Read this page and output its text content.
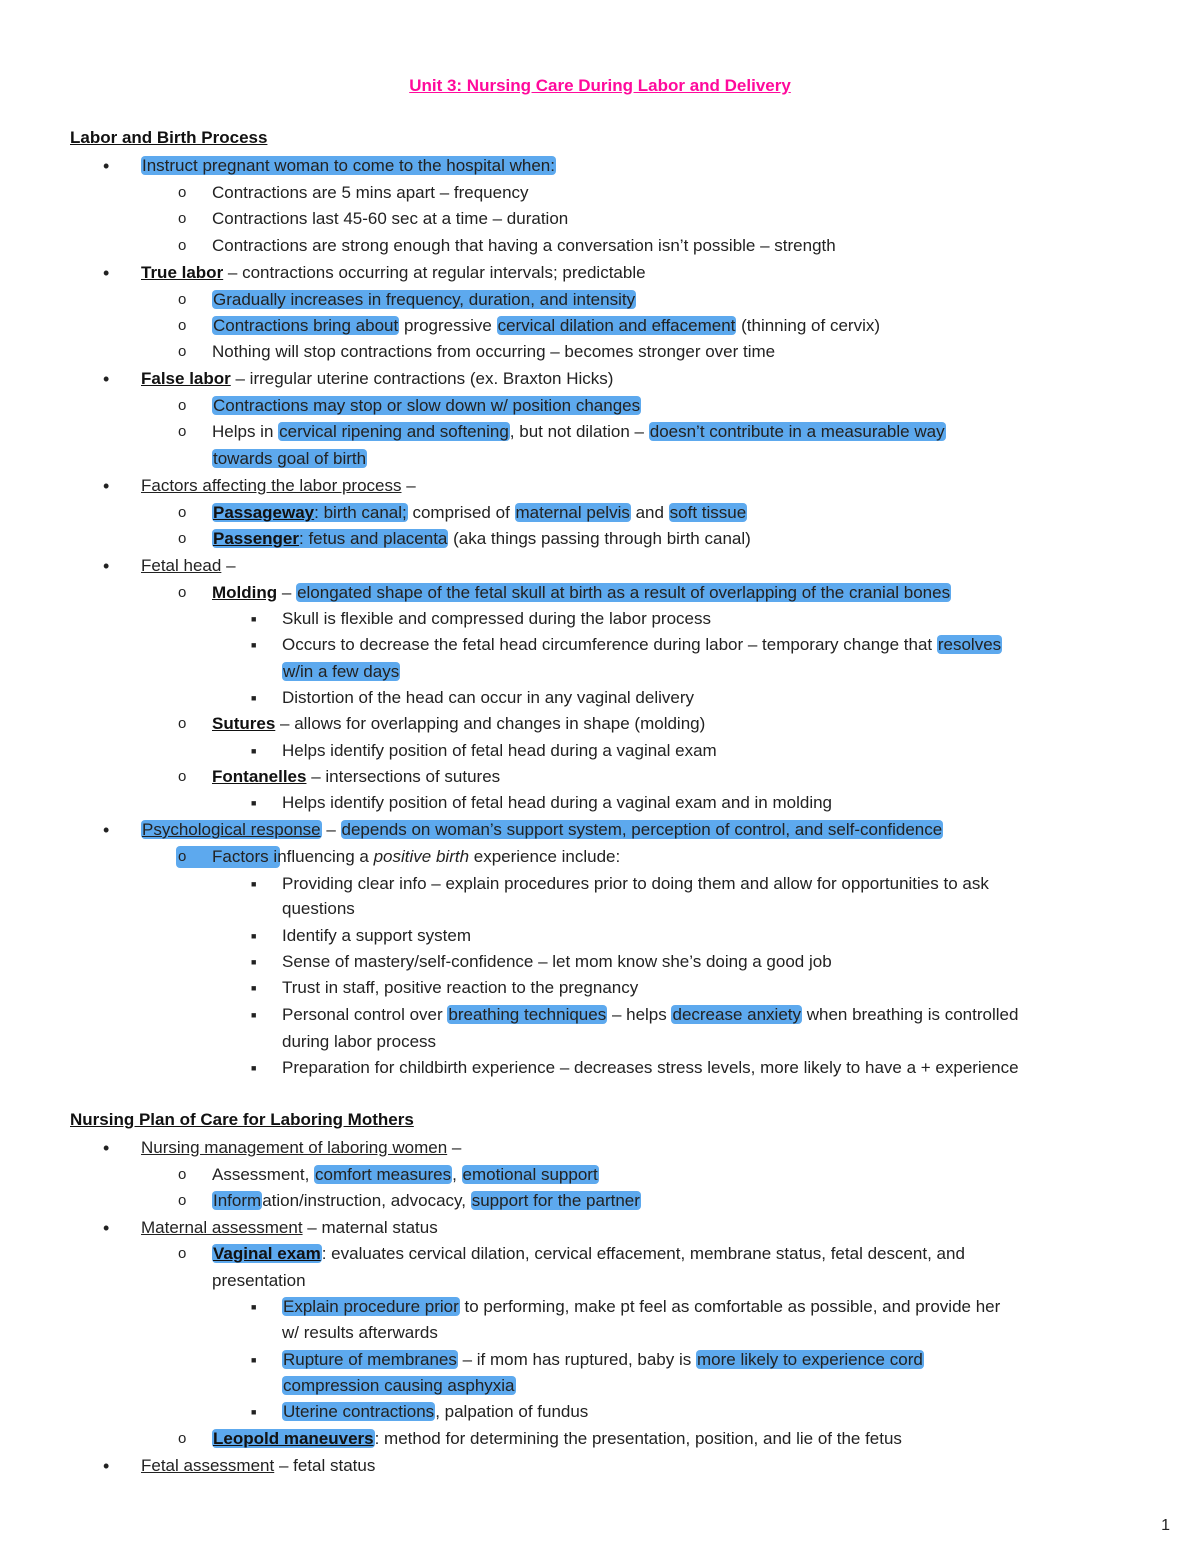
Unit 3: Nursing Care During Labor and Delivery
Labor and Birth Process
• Instruct pregnant woman to come to the hospital when:
o Contractions are 5 mins apart – frequency
o Contractions last 45-60 sec at a time – duration
o Contractions are strong enough that having a conversation isn’t possible – strength
• True labor – contractions occurring at regular intervals; predictable
o Gradually increases in frequency, duration, and intensity
o Contractions bring about progressive cervical dilation and effacement (thinning of cervix)
o Nothing will stop contractions from occurring – becomes stronger over time
• False labor – irregular uterine contractions (ex. Braxton Hicks)
o Contractions may stop or slow down w/ position changes
o Helps in cervical ripening and softening, but not dilation – doesn’t contribute in a measurable way
towards goal of birth
• Factors affecting the labor process –
o Passageway: birth canal; comprised of maternal pelvis and soft tissue
o Passenger: fetus and placenta (aka things passing through birth canal)
• Fetal head –
o Molding – elongated shape of the fetal skull at birth as a result of overlapping of the cranial bones
■ Skull is flexible and compressed during the labor process
■ Occurs to decrease the fetal head circumference during labor – temporary change that resolves
w/in a few days
■ Distortion of the head can occur in any vaginal delivery
o Sutures – allows for overlapping and changes in shape (molding)
■ Helps identify position of fetal head during a vaginal exam
o Fontanelles – intersections of sutures
■ Helps identify position of fetal head during a vaginal exam and in molding
• Psychological response – depends on woman’s support system, perception of control, and self-confidence
o Factors influencing a positive birth experience include:
■ Providing clear info – explain procedures prior to doing them and allow for opportunities to ask
questions
■ Identify a support system
■ Sense of mastery/self-confidence – let mom know she’s doing a good job
■ Trust in staff, positive reaction to the pregnancy
■ Personal control over breathing techniques – helps decrease anxiety when breathing is controlled
during labor process
■ Preparation for childbirth experience – decreases stress levels, more likely to have a + experience
Nursing Plan of Care for Laboring Mothers
• Nursing management of laboring women –
o Assessment, comfort measures, emotional support
o Information/instruction, advocacy, support for the partner
• Maternal assessment – maternal status
o Vaginal exam: evaluates cervical dilation, cervical effacement, membrane status, fetal descent, and
presentation
■ Explain procedure prior to performing, make pt feel as comfortable as possible, and provide her
w/ results afterwards
■ Rupture of membranes – if mom has ruptured, baby is more likely to experience cord
compression causing asphyxia
■ Uterine contractions, palpation of fundus
o Leopold maneuvers: method for determining the presentation, position, and lie of the fetus
• Fetal assessment – fetal status
1
